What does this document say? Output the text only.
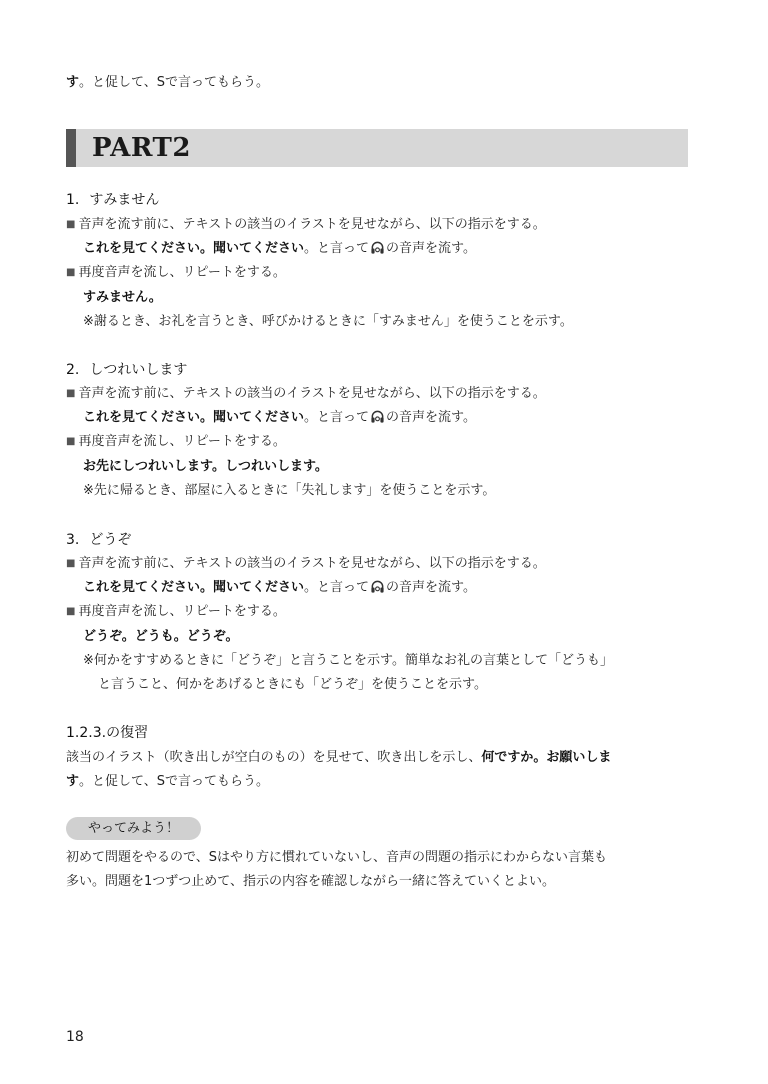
す。と促して、Sで言ってもらう。
PART2
1. すみません
■ 音声を流す前に、テキストの該当のイラストを見せながら、以下の指示をする。
これを見てください。聞いてください。と言って の音声を流す。
■ 再度音声を流し、リピートをする。
すみません。
※謝るとき、お礼を言うとき、呼びかけるときに「すみません」を使うことを示す。
2. しつれいします
■ 音声を流す前に、テキストの該当のイラストを見せながら、以下の指示をする。
これを見てください。聞いてください。と言って の音声を流す。
■ 再度音声を流し、リピートをする。
お先にしつれいします。しつれいします。
※先に帰るとき、部屋に入るときに「失礼します」を使うことを示す。
3. どうぞ
■ 音声を流す前に、テキストの該当のイラストを見せながら、以下の指示をする。
これを見てください。聞いてください。と言って の音声を流す。
■ 再度音声を流し、リピートをする。
どうぞ。どうも。どうぞ。
※何かをすすめるときに「どうぞ」と言うことを示す。簡単なお礼の言葉として「どうも」
と言うこと、何かをあげるときにも「どうぞ」を使うことを示す。
1.2.3.の復習
該当のイラスト（吹き出しが空白のもの）を見せて、吹き出しを示し、何ですか。お願いしま
す。と促して、Sで言ってもらう。
やってみよう！
初めて問題をやるので、Sはやり方に慣れていないし、音声の問題の指示にわからない言葉も
多い。問題を1つずつ止めて、指示の内容を確認しながら一緒に答えていくとよい。
18
